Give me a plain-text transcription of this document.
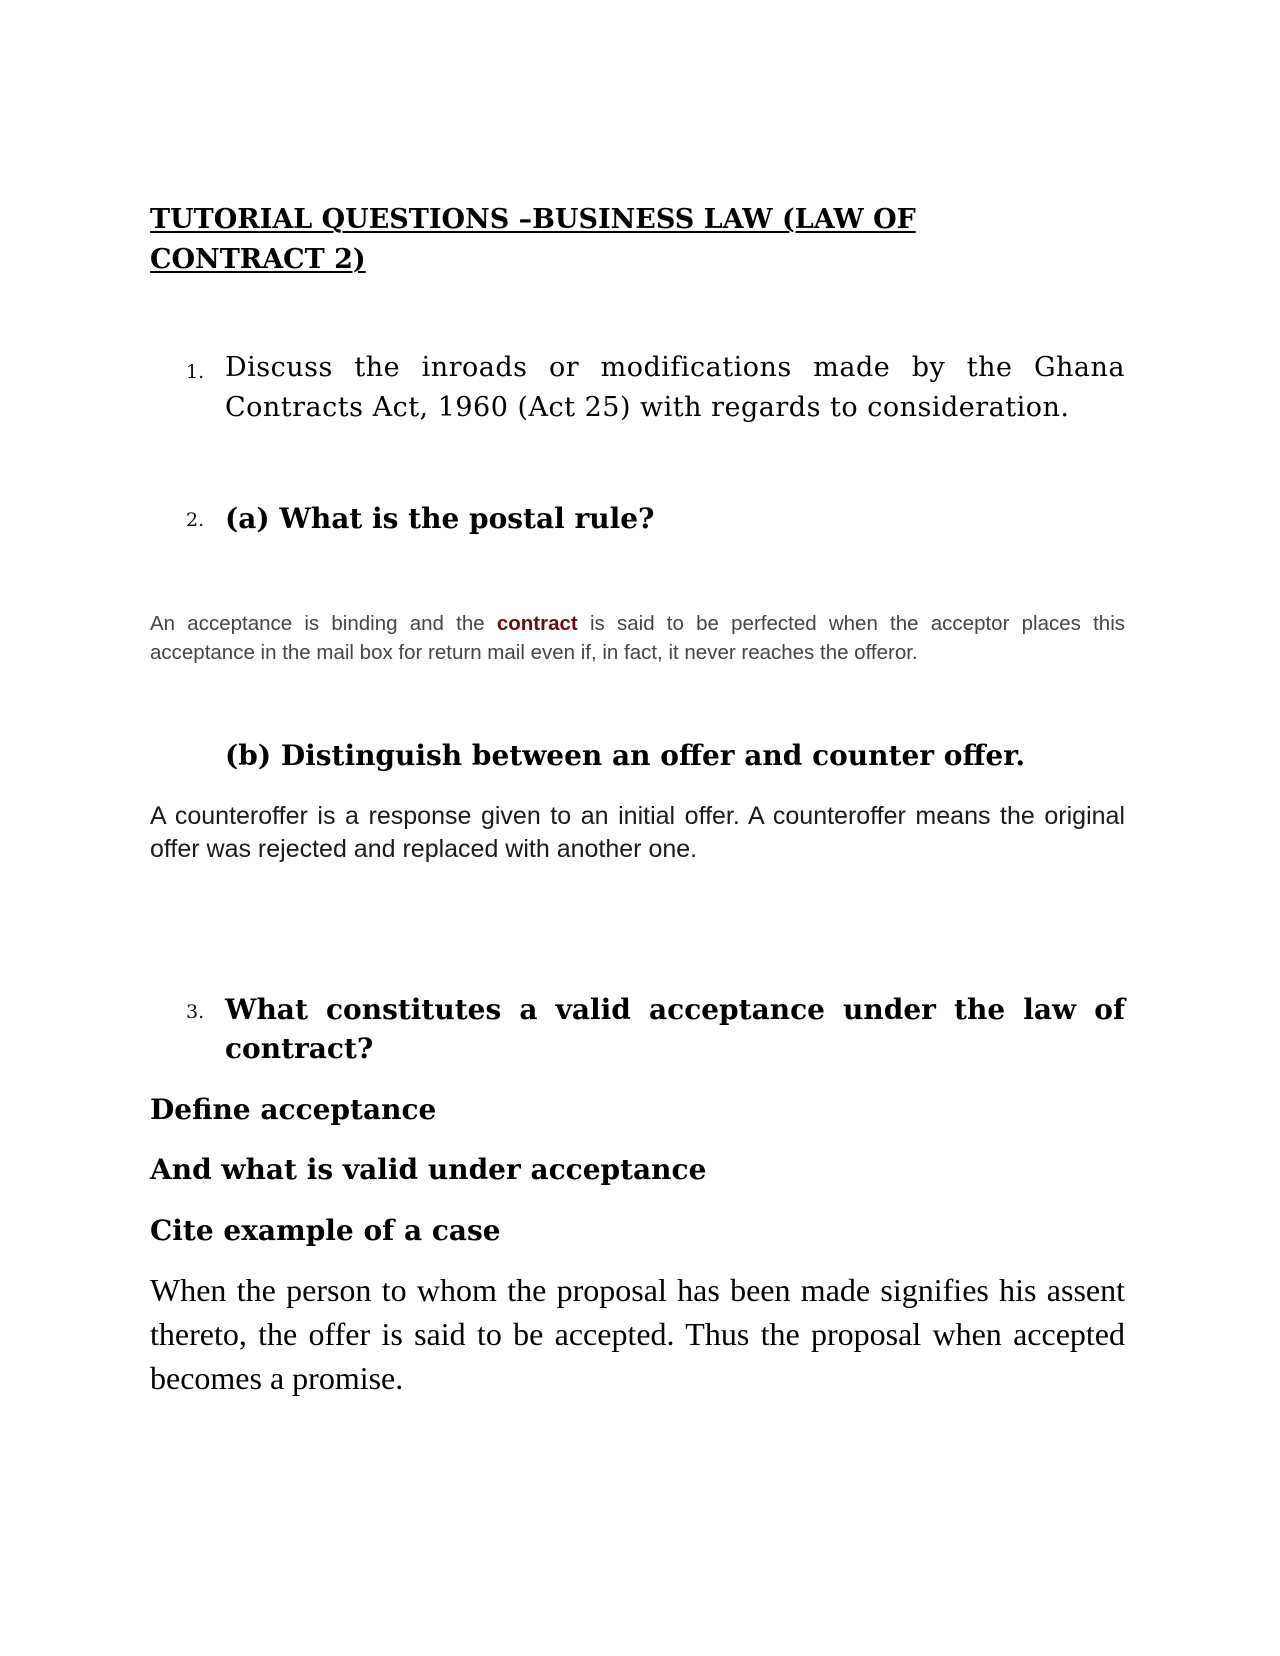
TUTORIAL QUESTIONS –BUSINESS LAW (LAW OF CONTRACT 2)
1. Discuss the inroads or modifications made by the Ghana Contracts Act, 1960 (Act 25) with regards to consideration.
2. (a) What is the postal rule?

An acceptance is binding and the contract is said to be perfected when the acceptor places this acceptance in the mail box for return mail even if, in fact, it never reaches the offeror.

(b) Distinguish between an offer and counter offer.

A counteroffer is a response given to an initial offer. A counteroffer means the original offer was rejected and replaced with another one.

3. What constitutes a valid acceptance under the law of contract?

Define acceptance

And what is valid under acceptance

Cite example of a case

When the person to whom the proposal has been made signifies his assent thereto, the offer is said to be accepted. Thus the proposal when accepted becomes a promise.
